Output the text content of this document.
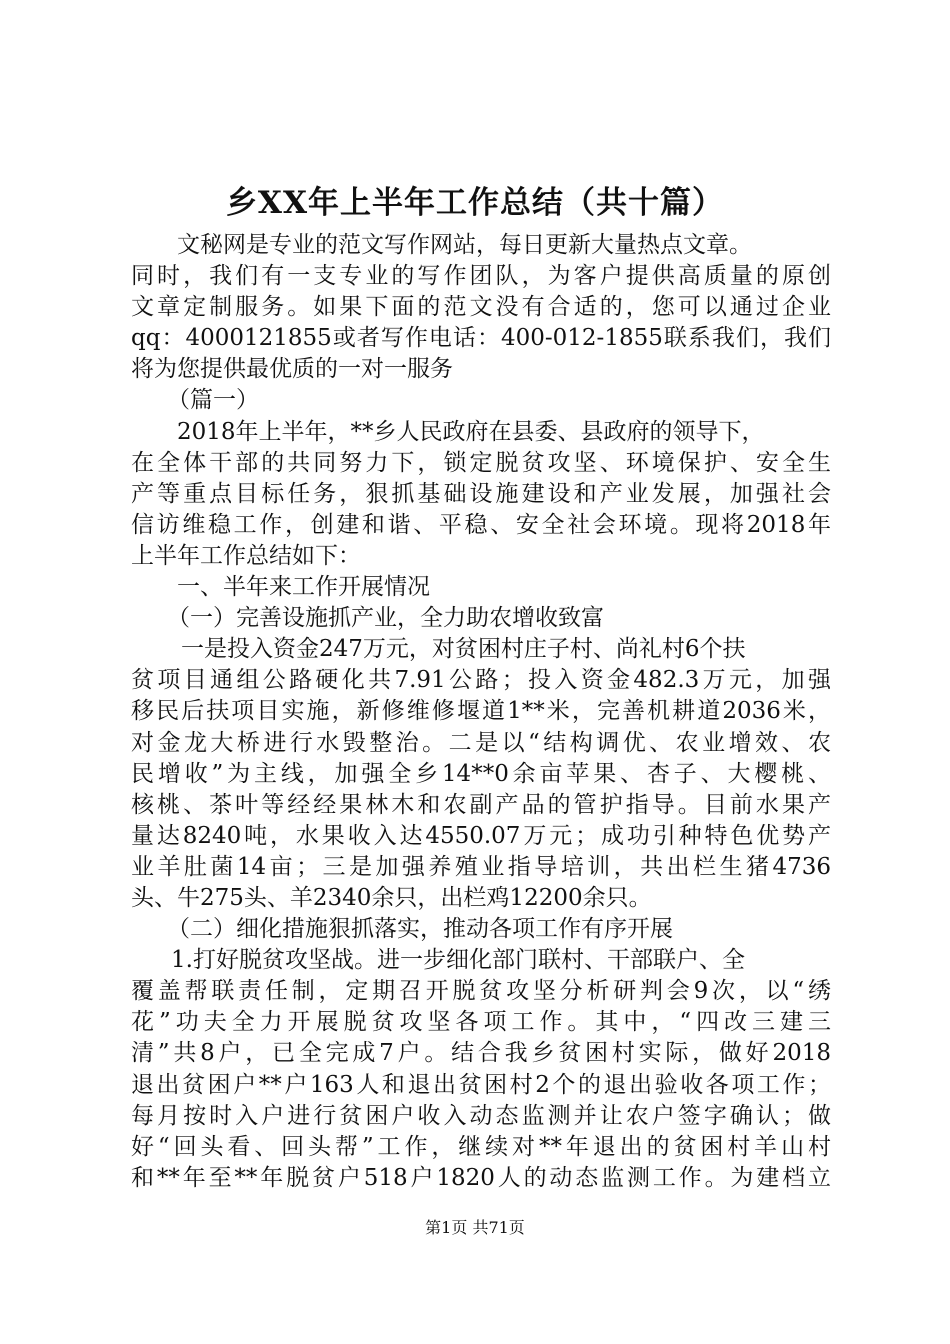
乡XX年上半年工作总结（共十篇）
文秘网是专业的范文写作网站，每日更新大量热点文章。
同时，我们有一支专业的写作团队，为客户提供高质量的原创
文章定制服务。如果下面的范文没有合适的，您可以通过企业
qq：4000121855或者写作电话：400-012-1855联系我们，我们
将为您提供最优质的一对一服务
（篇一）
2018年上半年，**乡人民政府在县委、县政府的领导下，
在全体干部的共同努力下，锁定脱贫攻坚、环境保护、安全生
产等重点目标任务，狠抓基础设施建设和产业发展，加强社会
信访维稳工作，创建和谐、平稳、安全社会环境。现将2018年
上半年工作总结如下：
一、半年来工作开展情况
（一）完善设施抓产业，全力助农增收致富
一是投入资金247万元，对贫困村庄子村、尚礼村6个扶
贫项目通组公路硬化共7.91公路；投入资金482.3万元，加强
移民后扶项目实施，新修维修堰道1**米，完善机耕道2036米，
对金龙大桥进行水毁整治。二是以“结构调优、农业增效、农
民增收”为主线，加强全乡14**0余亩苹果、杏子、大樱桃、
核桃、茶叶等经经果林木和农副产品的管护指导。目前水果产
量达8240吨，水果收入达4550.07万元；成功引种特色优势产
业羊肚菌14亩；三是加强养殖业指导培训，共出栏生猪4736
头、牛275头、羊2340余只，出栏鸡12200余只。
（二）细化措施狠抓落实，推动各项工作有序开展
1.打好脱贫攻坚战。进一步细化部门联村、干部联户、全
覆盖帮联责任制，定期召开脱贫攻坚分析研判会9次，以“绣
花”功夫全力开展脱贫攻坚各项工作。其中，“四改三建三
清”共8户，已全完成7户。结合我乡贫困村实际，做好2018
退出贫困户**户163人和退出贫困村2个的退出验收各项工作；
每月按时入户进行贫困户收入动态监测并让农户签字确认；做
好“回头看、回头帮”工作，继续对**年退出的贫困村羊山村
和**年至**年脱贫户518户1820人的动态监测工作。为建档立
第1页 共71页
